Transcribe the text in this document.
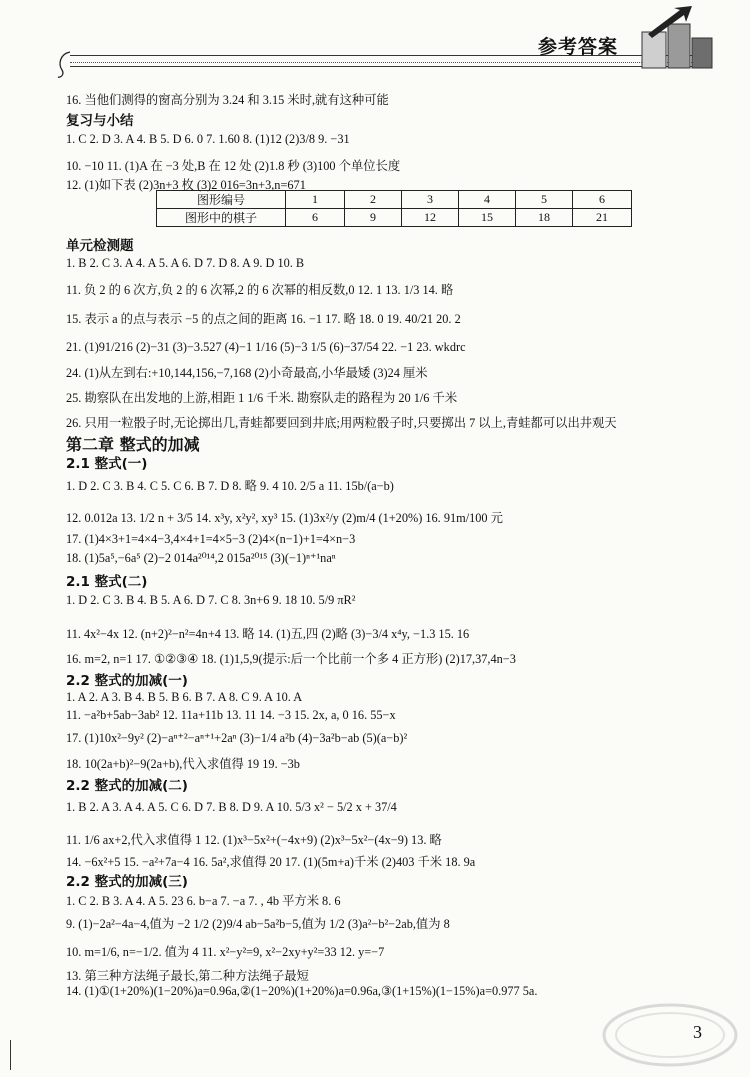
参考答案
16. 当他们测得的窗高分别为 3.24 和 3.15 米时,就有这种可能
复习与小结
1. C 2. D 3. A 4. B 5. D 6. 0 7. 1.60 8. (1)12 (2)3/8 9. −31
10. −10 11. (1)A 在 −3 处,B 在 12 处 (2)1.8 秒 (3)100 个单位长度
12. (1)如下表 (2)3n+3 枚 (3)2 016=3n+3,n=671
图形编号	1	2	3	4	5	6
图形中的棋子	6	9	12	15	18	21
单元检测题
1. B 2. C 3. A 4. A 5. A 6. D 7. D 8. A 9. D 10. B
11. 负 2 的 6 次方,负 2 的 6 次幂,2 的 6 次幂的相反数,0 12. 1 13. 1/3 14. 略
15. 表示 a 的点与表示 −5 的点之间的距离 16. −1 17. 略 18. 0 19. 40/21 20. 2
21. (1)91/216 (2)−31 (3)−3.527 (4)−1 1/16 (5)−3 1/5 (6)−37/54 22. −1 23. wkdrc
24. (1)从左到右:+10,144,156,−7,168 (2)小奇最高,小华最矮 (3)24 厘米
25. 勘察队在出发地的上游,相距 1 1/6 千米. 勘察队走的路程为 20 1/6 千米
26. 只用一粒骰子时,无论掷出几,青蛙都要回到井底;用两粒骰子时,只要掷出 7 以上,青蛙都可以出井观天
第二章 整式的加减
2.1 整式(一)
1. D 2. C 3. B 4. C 5. C 6. B 7. D 8. 略 9. 4 10. 2/5 a 11. 15b/(a−b)
12. 0.012a 13. 1/2 n + 3/5 14. x³y, x²y², xy³ 15. (1)3x²/y (2)m/4 (1+20%) 16. 91m/100 元
17. (1)4×3+1=4×4−3,4×4+1=4×5−3 (2)4×(n−1)+1=4×n−3
18. (1)5a⁵,−6a⁵ (2)−2 014a²⁰¹⁴,2 015a²⁰¹⁵ (3)(−1)ⁿ⁺¹naⁿ
2.1 整式(二)
1. D 2. C 3. B 4. B 5. A 6. D 7. C 8. 3n+6 9. 18 10. 5/9 πR²
11. 4x²−4x 12. (n+2)²−n²=4n+4 13. 略 14. (1)五,四 (2)略 (3)−3/4 x⁴y, −1.3 15. 16
16. m=2, n=1 17. ①②③④ 18. (1)1,5,9(提示:后一个比前一个多 4 正方形) (2)17,37,4n−3
2.2 整式的加减(一)
1. A 2. A 3. B 4. B 5. B 6. B 7. A 8. C 9. A 10. A
11. −a²b+5ab−3ab² 12. 11a+11b 13. 11 14. −3 15. 2x, a, 0 16. 55−x
17. (1)10x²−9y² (2)−aⁿ⁺²−aⁿ⁺¹+2aⁿ (3)−1/4 a²b (4)−3a²b−ab (5)(a−b)²
18. 10(2a+b)²−9(2a+b),代入求值得 19 19. −3b
2.2 整式的加减(二)
1. B 2. A 3. A 4. A 5. C 6. D 7. B 8. D 9. A 10. 5/3 x² − 5/2 x + 37/4
11. 1/6 ax+2,代入求值得 1 12. (1)x³−5x²+(−4x+9) (2)x³−5x²−(4x−9) 13. 略
14. −6x²+5 15. −a²+7a−4 16. 5a²,求值得 20 17. (1)(5m+a)千米 (2)403 千米 18. 9a
2.2 整式的加减(三)
1. C 2. B 3. A 4. A 5. 23 6. b−a 7. −a 7. , 4b 平方米 8. 6
9. (1)−2a²−4a−4,值为 −2 1/2 (2)9/4 ab−5a²b−5,值为 1/2 (3)a²−b²−2ab,值为 8
10. m=1/6, n=−1/2. 值为 4 11. x²−y²=9, x²−2xy+y²=33 12. y=−7
13. 第三种方法绳子最长,第二种方法绳子最短
14. (1)①(1+20%)(1−20%)a=0.96a,②(1−20%)(1+20%)a=0.96a,③(1+15%)(1−15%)a=0.977 5a.
3
